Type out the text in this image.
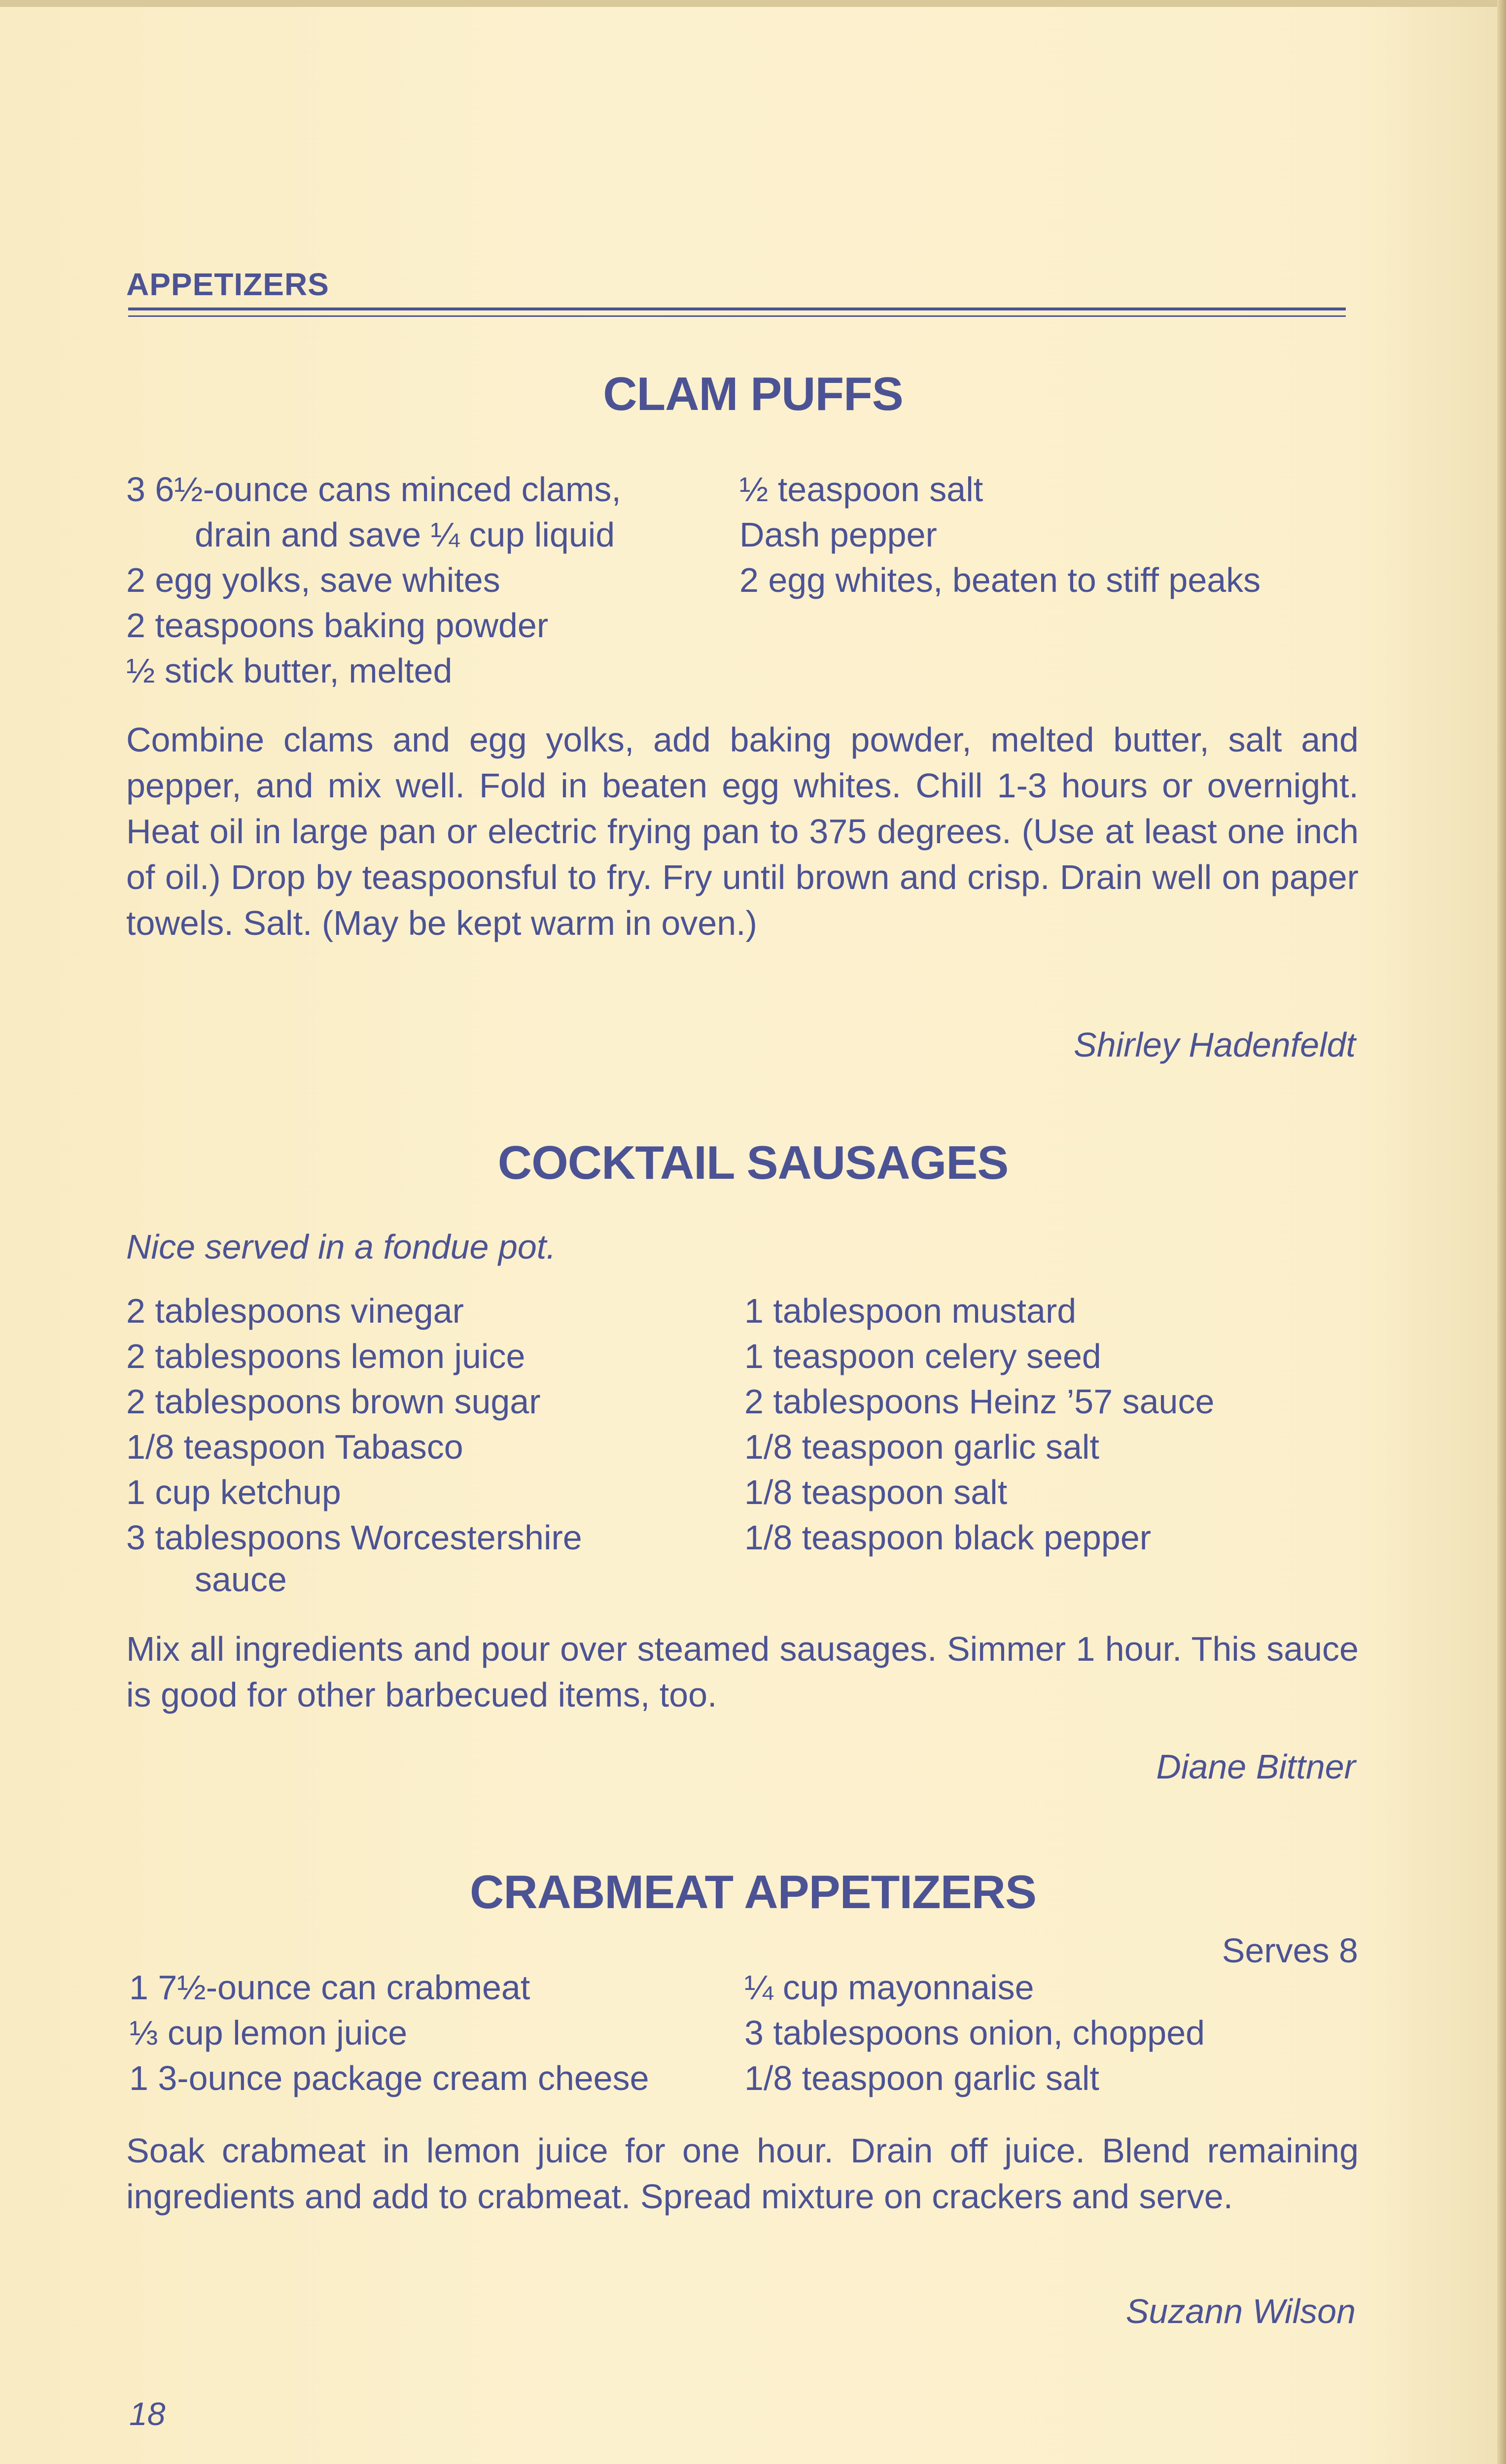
APPETIZERS
CLAM PUFFS
3 6½-ounce cans minced clams,
drain and save ¼ cup liquid
2 egg yolks, save whites
2 teaspoons baking powder
½ stick butter, melted
½ teaspoon salt
Dash pepper
2 egg whites, beaten to stiff peaks
Combine clams and egg yolks, add baking powder, melted butter, salt and pepper, and mix well. Fold in beaten egg whites. Chill 1-3 hours or overnight. Heat oil in large pan or electric frying pan to 375 degrees. (Use at least one inch of oil.) Drop by teaspoonsful to fry. Fry until brown and crisp. Drain well on paper towels. Salt. (May be kept warm in oven.)
Shirley Hadenfeldt
COCKTAIL SAUSAGES
Nice served in a fondue pot.
2 tablespoons vinegar
2 tablespoons lemon juice
2 tablespoons brown sugar
1/8 teaspoon Tabasco
1 cup ketchup
3 tablespoons Worcestershire
sauce
1 tablespoon mustard
1 teaspoon celery seed
2 tablespoons Heinz ’57 sauce
1/8 teaspoon garlic salt
1/8 teaspoon salt
1/8 teaspoon black pepper
Mix all ingredients and pour over steamed sausages. Simmer 1 hour. This sauce is good for other barbecued items, too.
Diane Bittner
CRABMEAT APPETIZERS
Serves 8
1 7½-ounce can crabmeat
⅓ cup lemon juice
1 3-ounce package cream cheese
¼ cup mayonnaise
3 tablespoons onion, chopped
1/8 teaspoon garlic salt
Soak crabmeat in lemon juice for one hour. Drain off juice. Blend remaining ingredients and add to crabmeat. Spread mixture on crackers and serve.
Suzann Wilson
18
